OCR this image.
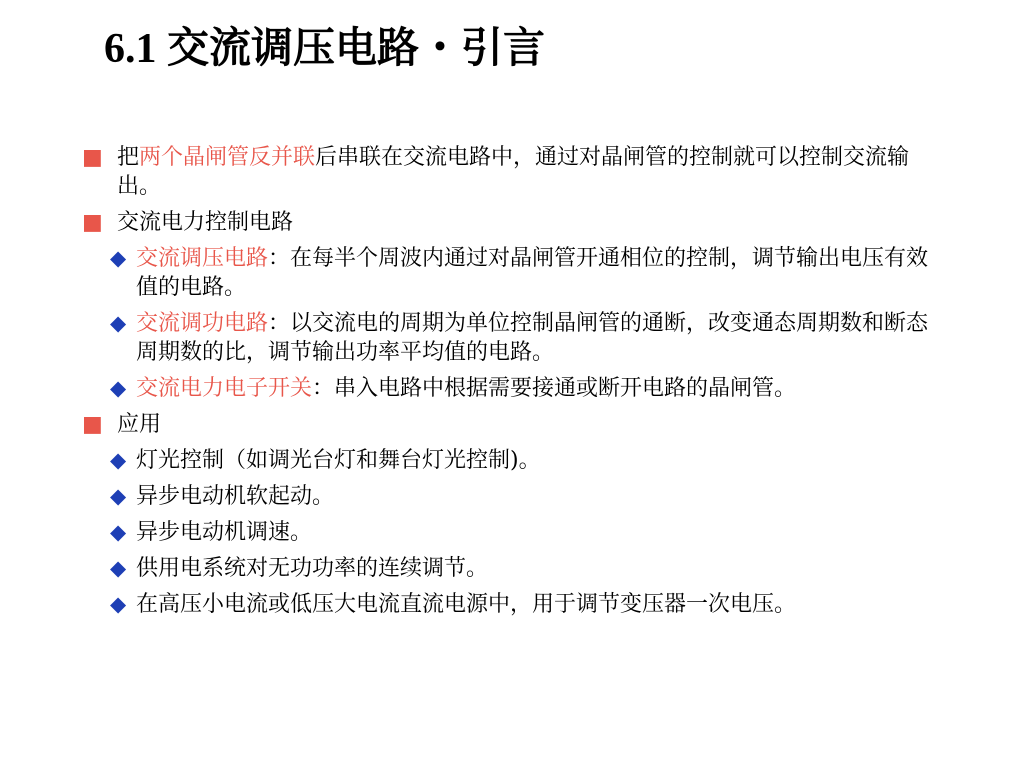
6.1 交流调压电路・引言
■ 把两个晶闸管反并联后串联在交流电路中，通过对晶闸管的控制就可以控制交流输出。
■ 交流电力控制电路
◆ 交流调压电路：在每半个周波内通过对晶闸管开通相位的控制，调节输出电压有效值的电路。
◆ 交流调功电路：以交流电的周期为单位控制晶闸管的通断，改变通态周期数和断态周期数的比，调节输出功率平均值的电路。
◆ 交流电力电子开关：串入电路中根据需要接通或断开电路的晶闸管。
■ 应用
◆ 灯光控制（如调光台灯和舞台灯光控制)。
◆ 异步电动机软起动。
◆ 异步电动机调速。
◆ 供用电系统对无功功率的连续调节。
◆ 在高压小电流或低压大电流直流电源中，用于调节变压器一次电压。
